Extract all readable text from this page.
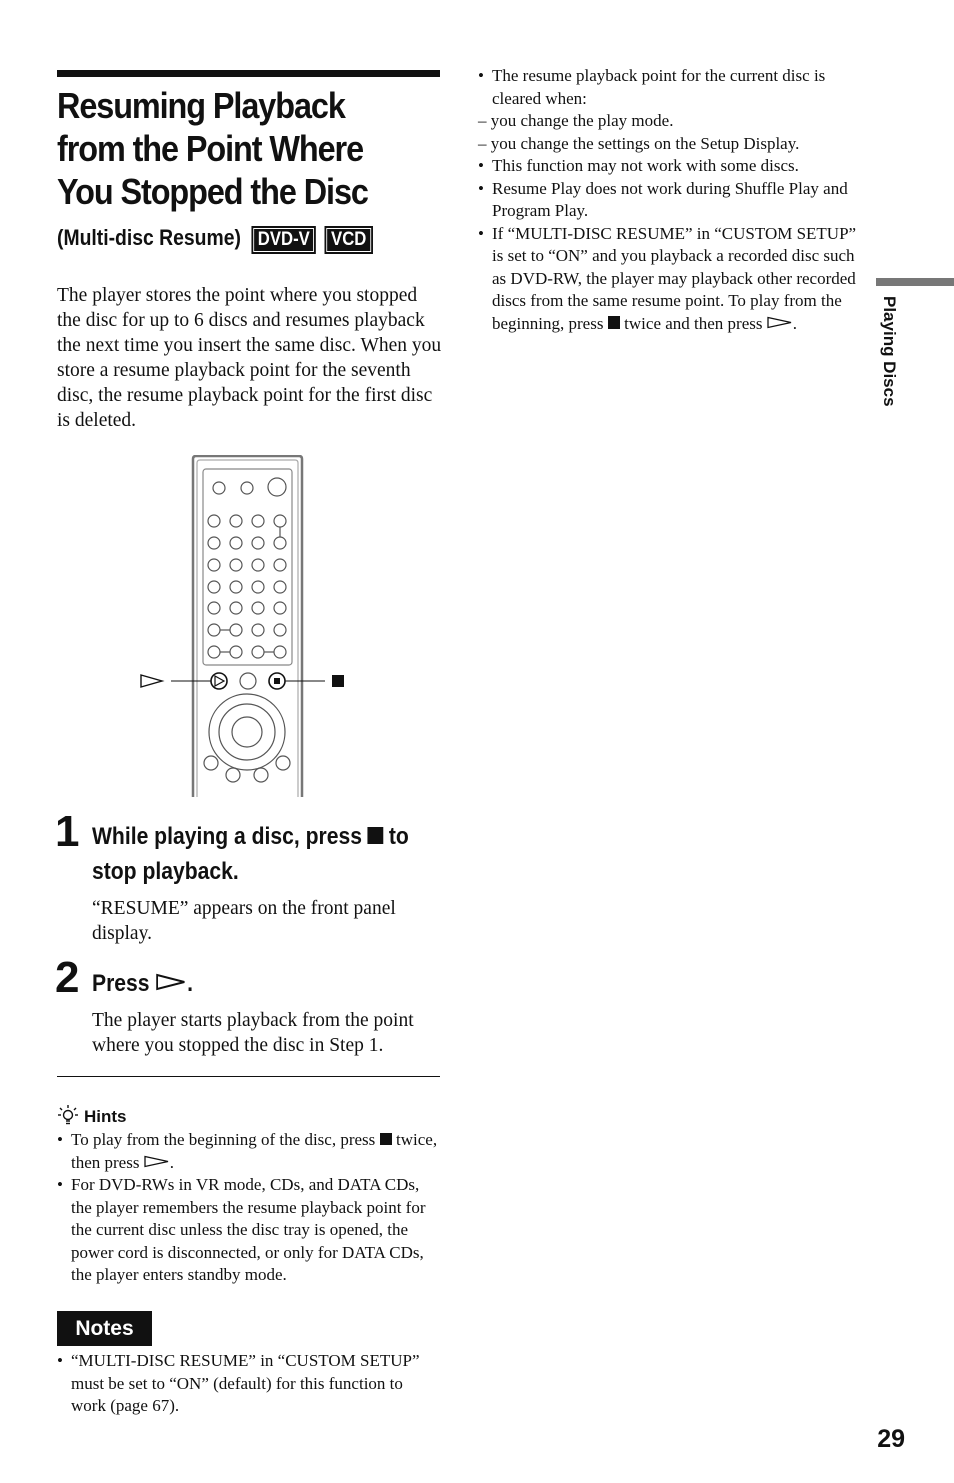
Resuming Playback from the Point Where You Stopped the Disc
(Multi-disc Resume) DVD-V VCD

The player stores the point where you stopped the disc for up to 6 discs and resumes playback the next time you insert the same disc. When you store a resume playback point for the seventh disc, the resume playback point for the first disc is deleted.

1 While playing a disc, press to stop playback.

“RESUME” appears on the front panel display.

2 Press .

The player starts playback from the point where you stopped the disc in Step 1.

Hints
• To play from the beginning of the disc, press twice, then press .
• For DVD-RWs in VR mode, CDs, and DATA CDs, the player remembers the resume playback point for the current disc unless the disc tray is opened, the power cord is disconnected, or only for DATA CDs, the player enters standby mode.
Notes
• “MULTI-DISC RESUME” in “CUSTOM SETUP” must be set to “ON” (default) for this function to work (page 67).
• The resume playback point for the current disc is cleared when:
– you change the play mode.
– you change the settings on the Setup Display.
• This function may not work with some discs.
• Resume Play does not work during Shuffle Play and Program Play.
• If “MULTI-DISC RESUME” in “CUSTOM SETUP” is set to “ON” and you playback a recorded disc such as DVD-RW, the player may playback other recorded discs from the same resume point. To play from the beginning, press twice and then press .	Playing Discs
29
